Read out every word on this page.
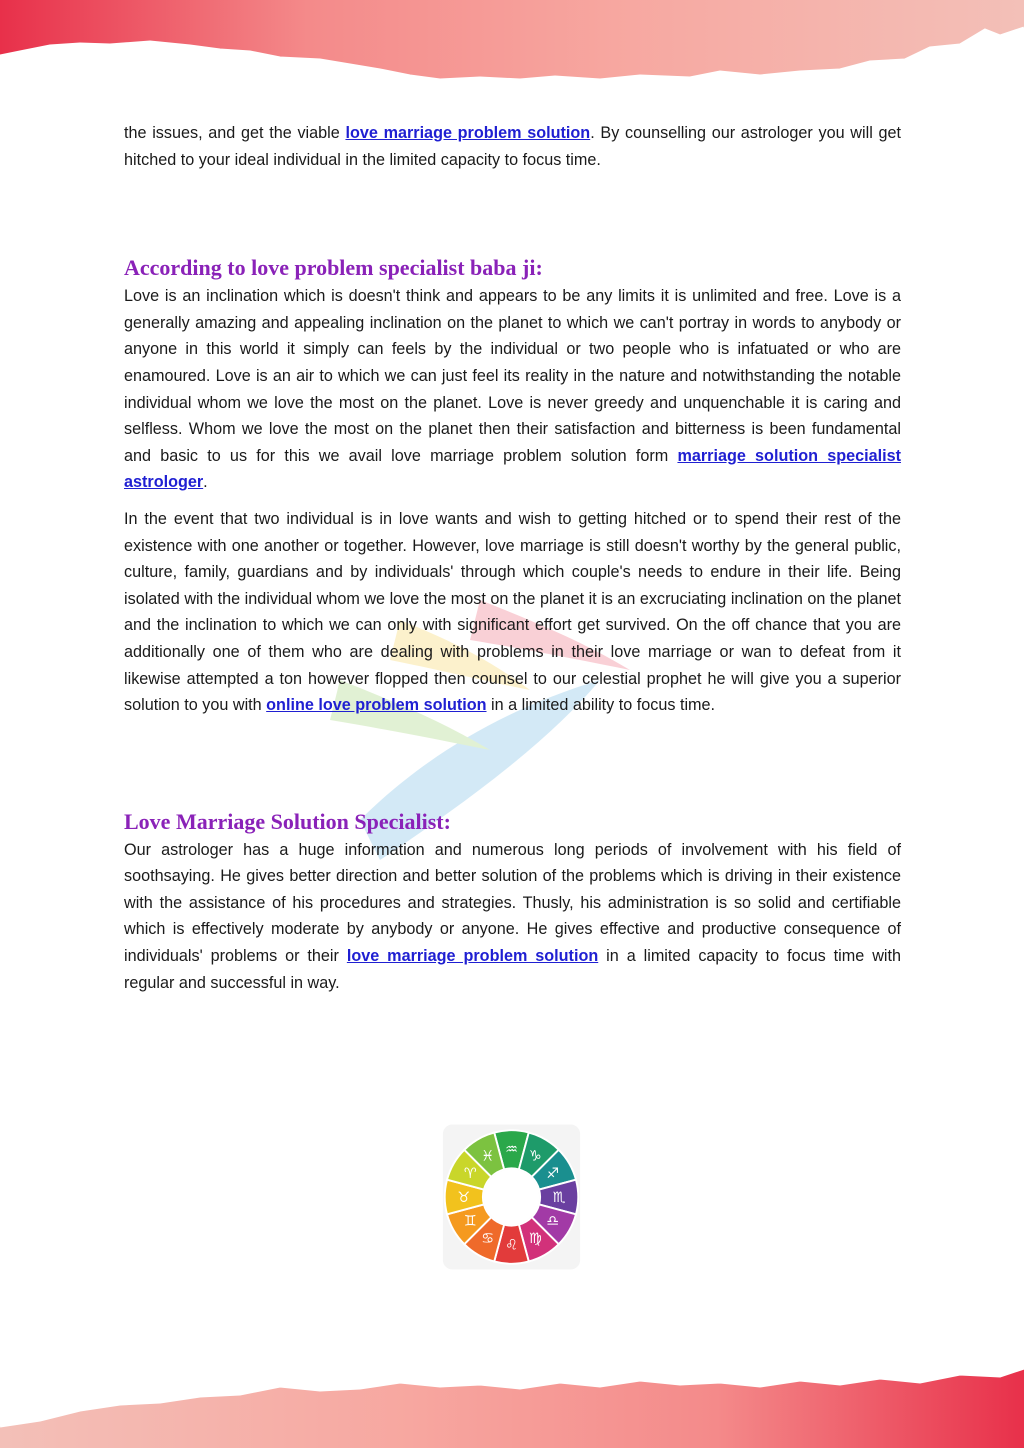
the issues, and get the viable love marriage problem solution. By counselling our astrologer you will get hitched to your ideal individual in the limited capacity to focus time.

According to love problem specialist baba ji:

Love is an inclination which is doesn't think and appears to be any limits it is unlimited and free. Love is a generally amazing and appealing inclination on the planet to which we can't portray in words to anybody or anyone in this world it simply can feels by the individual or two people who is infatuated or who are enamoured. Love is an air to which we can just feel its reality in the nature and notwithstanding the notable individual whom we love the most on the planet. Love is never greedy and unquenchable it is caring and selfless. Whom we love the most on the planet then their satisfaction and bitterness is been fundamental and basic to us for this we avail love marriage problem solution form marriage solution specialist astrologer.

In the event that two individual is in love wants and wish to getting hitched or to spend their rest of the existence with one another or together. However, love marriage is still doesn't worthy by the general public, culture, family, guardians and by individuals' through which couple's needs to endure in their life. Being isolated with the individual whom we love the most on the planet it is an excruciating inclination on the planet and the inclination to which we can only with significant effort get survived. On the off chance that you are additionally one of them who are dealing with problems in their love marriage or wan to defeat from it likewise attempted a ton however flopped then counsel to our celestial prophet he will give you a superior solution to you with online love problem solution in a limited ability to focus time.

Love Marriage Solution Specialist:

Our astrologer has a huge information and numerous long periods of involvement with his field of soothsaying. He gives better direction and better solution of the problems which is driving in their existence with the assistance of his procedures and strategies. Thusly, his administration is so solid and certifiable which is effectively moderate by anybody or anyone. He gives effective and productive consequence of individuals' problems or their love marriage problem solution in a limited capacity to focus time with regular and successful in way.

♒ ♑
♐
♏
♎
♍
♌
♋
♊
♉
♈
♓
